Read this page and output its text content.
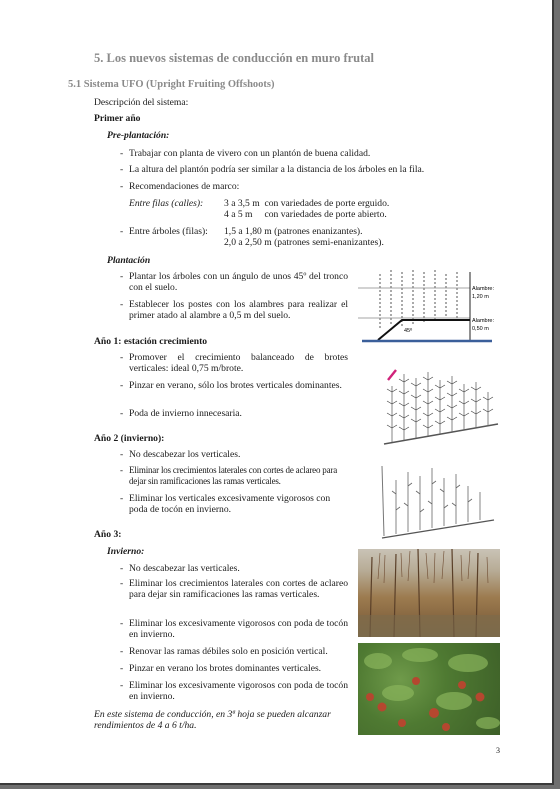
5. Los nuevos sistemas de conducción en muro frutal
5.1 Sistema UFO (Upright Fruiting Offshoots)
Descripción del sistema:
Primer año
Pre-plantación:
- Trabajar con planta de vivero con un plantón de buena calidad.
- La altura del plantón podría ser similar a la distancia de los árboles en la fila.
- Recomendaciones de marco:
Entre filas (calles): 3 a 3,5 m  con variedades de porte erguido.
4 a 5 m     con variedades de porte abierto.
- Entre árboles (filas):	1,5 a 1,80 m (patrones enanizantes).
2,0 a 2,50 m (patrones semi-enanizantes).
Plantación
- Plantar los árboles con un ángulo de unos 45º del tronco con el suelo.
- Establecer los postes con los alambres para realizar el primer atado al alambre a 0,5 m del suelo.
45º
Alambre:
1,20 m
Alambre:
0,50 m
Año 1: estación crecimiento
- Promover el crecimiento balanceado de brotes verticales: ideal 0,75 m/brote.
- Pinzar en verano, sólo los brotes verticales dominantes.
- Poda de invierno innecesaria.
Año 2 (invierno):
- No descabezar los verticales.
- Eliminar los crecimientos laterales con cortes de aclareo para dejar sin ramificaciones las ramas verticales.
- Eliminar los verticales excesivamente vigorosos con poda de tocón en invierno.
Año 3:
Invierno:
- No descabezar las verticales.
- Eliminar los crecimientos laterales con cortes de aclareo para dejar sin ramificaciones las ramas verticales.
- Eliminar los excesivamente vigorosos con poda de tocón en invierno.
- Renovar las ramas débiles solo en posición vertical.
- Pinzar en verano los brotes dominantes verticales.
- Eliminar los excesivamente vigorosos con poda de tocón en invierno.
En este sistema de conducción, en 3ª hoja se pueden alcanzar rendimientos de 4 a 6 t/ha.
3
